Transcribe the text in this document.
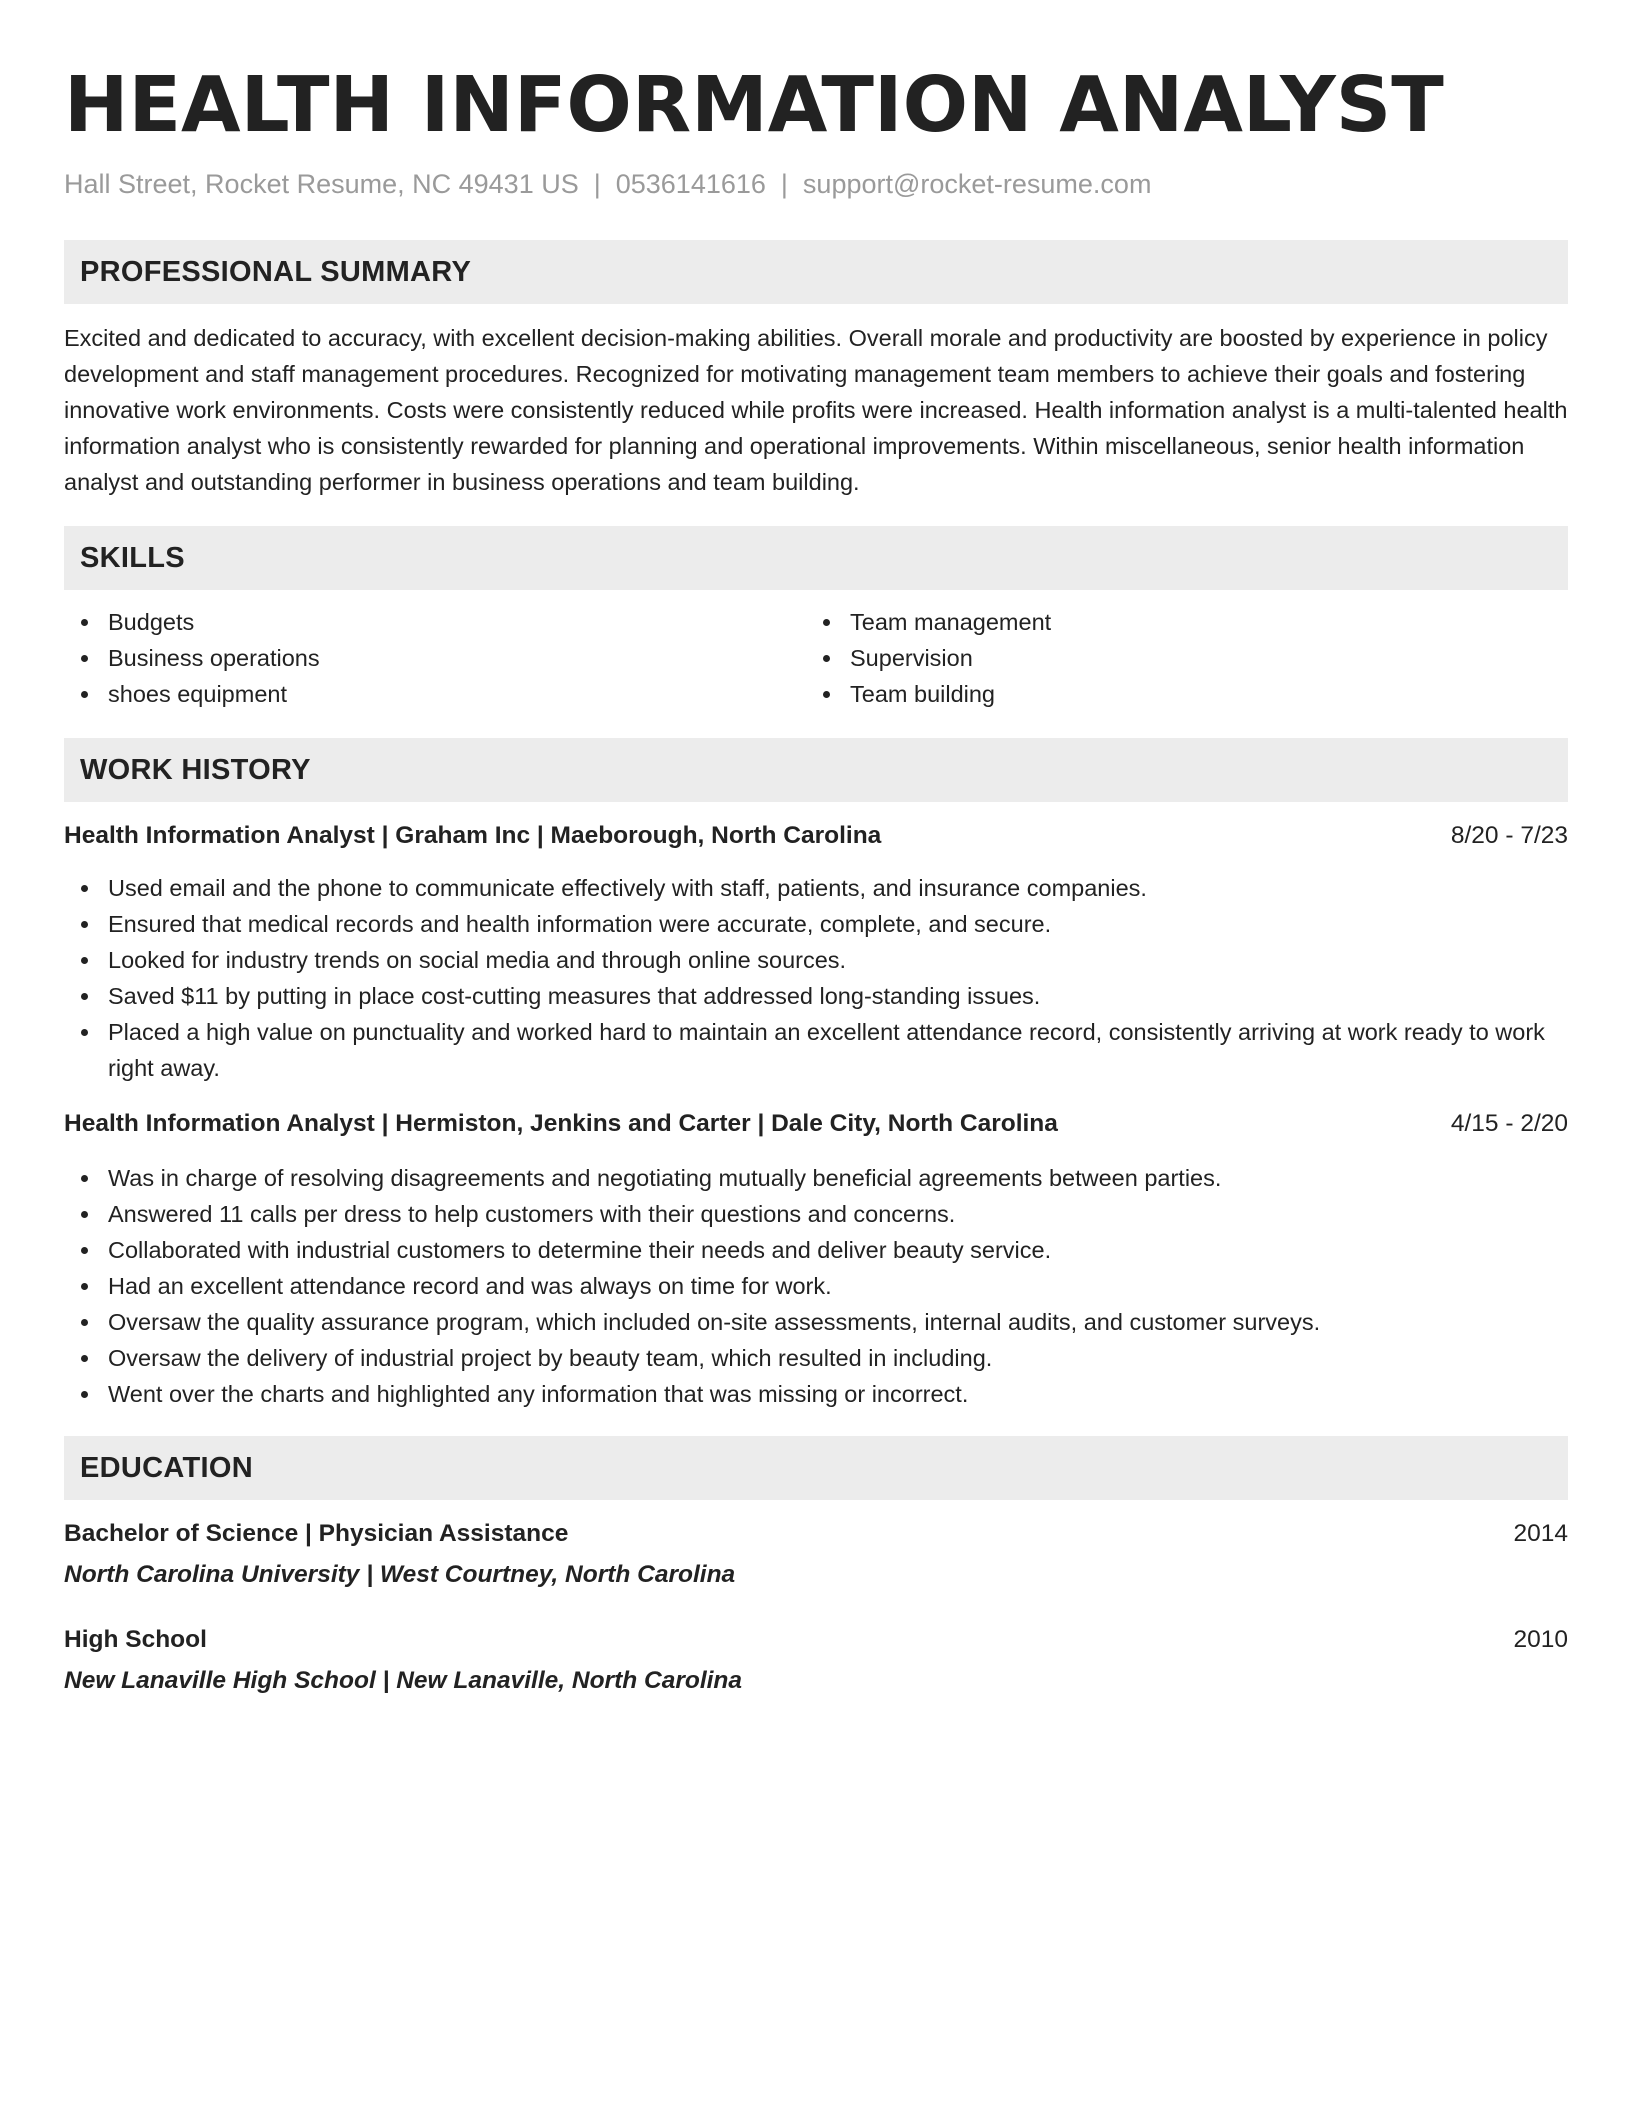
HEALTH INFORMATION ANALYST
Hall Street, Rocket Resume, NC 49431 US | 0536141616 | support@rocket-resume.com
PROFESSIONAL SUMMARY

Excited and dedicated to accuracy, with excellent decision-making abilities. Overall morale and productivity are boosted by experience in policy development and staff management procedures. Recognized for motivating management team members to achieve their goals and fostering innovative work environments. Costs were consistently reduced while profits were increased. Health information analyst is a multi-talented health information analyst who is consistently rewarded for planning and operational improvements. Within miscellaneous, senior health information analyst and outstanding performer in business operations and team building.

SKILLS
Budgets
Business operations
shoes equipment
Team management
Supervision
Team building
WORK HISTORY
Health Information Analyst | Graham Inc | Maeborough, North Carolina	8/20 - 7/23
Used email and the phone to communicate effectively with staff, patients, and insurance companies.
Ensured that medical records and health information were accurate, complete, and secure.
Looked for industry trends on social media and through online sources.
Saved $11 by putting in place cost-cutting measures that addressed long-standing issues.
Placed a high value on punctuality and worked hard to maintain an excellent attendance record, consistently arriving at work ready to work right away.
Health Information Analyst | Hermiston, Jenkins and Carter | Dale City, North Carolina	4/15 - 2/20
Was in charge of resolving disagreements and negotiating mutually beneficial agreements between parties.
Answered 11 calls per dress to help customers with their questions and concerns.
Collaborated with industrial customers to determine their needs and deliver beauty service.
Had an excellent attendance record and was always on time for work.
Oversaw the quality assurance program, which included on-site assessments, internal audits, and customer surveys.
Oversaw the delivery of industrial project by beauty team, which resulted in including.
Went over the charts and highlighted any information that was missing or incorrect.
EDUCATION
Bachelor of Science | Physician Assistance	2014
North Carolina University | West Courtney, North Carolina
High School	2010
New Lanaville High School | New Lanaville, North Carolina
